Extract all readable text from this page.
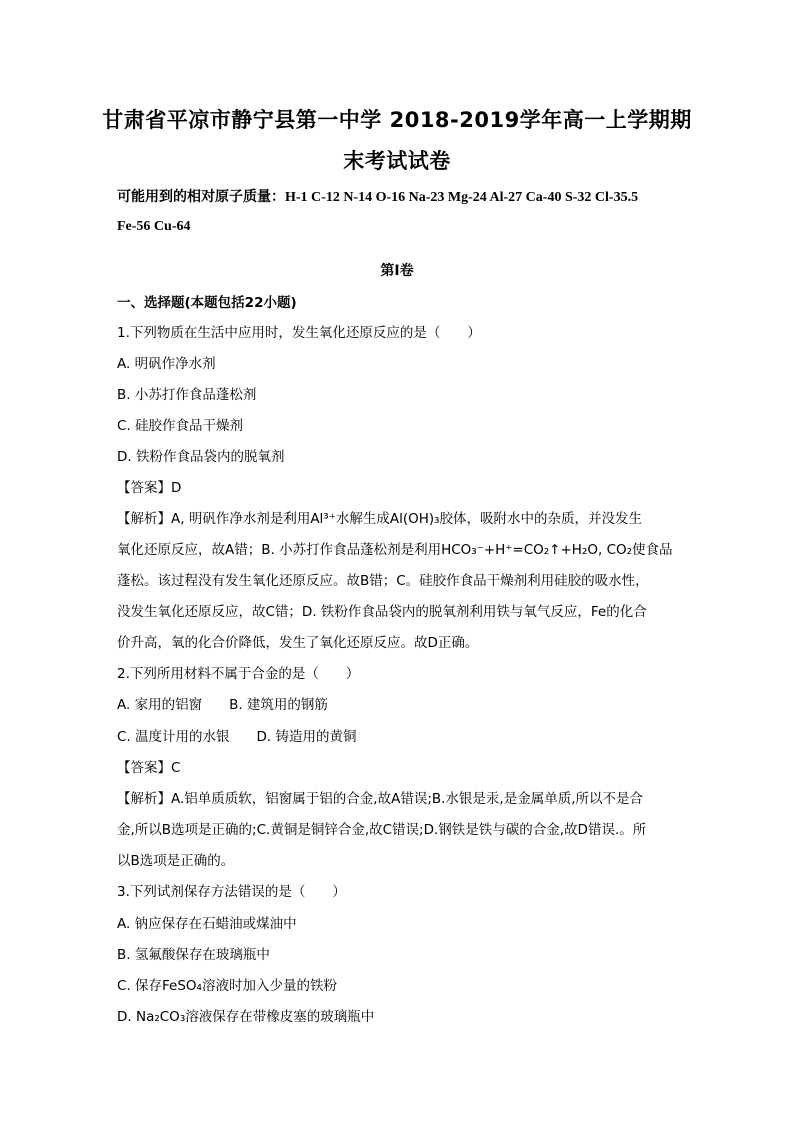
甘肃省平凉市静宁县第一中学 2018-2019学年高一上学期期
末考试试卷
可能用到的相对原子质量：H-1 C-12 N-14 O-16 Na-23 Mg-24 Al-27 Ca-40 S-32 Cl-35.5
Fe-56 Cu-64
第Ⅰ卷
一、选择题(本题包括22小题)
1.下列物质在生活中应用时，发生氧化还原反应的是（　　）
A. 明矾作净水剂
B. 小苏打作食品蓬松剂
C. 硅胶作食品干燥剂
D. 铁粉作食品袋内的脱氧剂
【答案】D
【解析】A, 明矾作净水剂是利用Al³⁺水解生成Al(OH)₃胶体，吸附水中的杂质，并没发生
氧化还原反应，故A错；B. 小苏打作食品蓬松剂是利用HCO₃⁻+H⁺=CO₂↑+H₂O, CO₂使食品
蓬松。该过程没有发生氧化还原反应。故B错；C。硅胶作食品干燥剂利用硅胶的吸水性，
没发生氧化还原反应，故C错；D. 铁粉作食品袋内的脱氧剂利用铁与氧气反应，Fe的化合
价升高，氧的化合价降低，发生了氧化还原反应。故D正确。
2.下列所用材料不属于合金的是（　　）
A. 家用的铝窗　　B. 建筑用的钢筋
C. 温度计用的水银　　D. 铸造用的黄铜
【答案】C
【解析】A.铝单质质软，铝窗属于铝的合金,故A错误;B.水银是汞,是金属单质,所以不是合
金,所以B选项是正确的;C.黄铜是铜锌合金,故C错误;D.钢铁是铁与碳的合金,故D错误.。所
以B选项是正确的。
3.下列试剂保存方法错误的是（　　）
A. 钠应保存在石蜡油或煤油中
B. 氢氟酸保存在玻璃瓶中
C. 保存FeSO₄溶液时加入少量的铁粉
D. Na₂CO₃溶液保存在带橡皮塞的玻璃瓶中
